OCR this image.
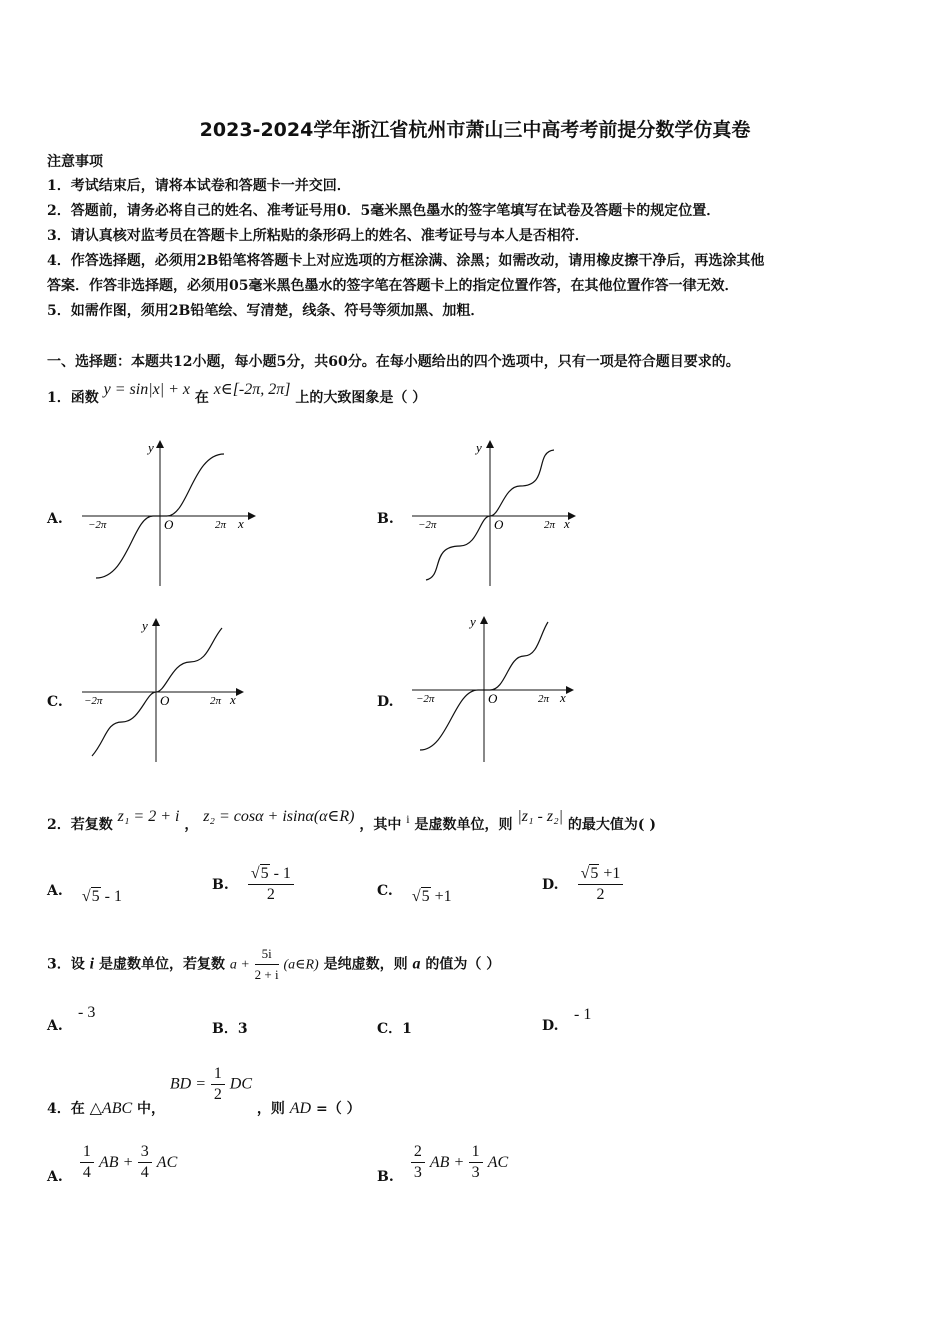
2023-2024学年浙江省杭州市萧山三中高考考前提分数学仿真卷
注意事项
1．考试结束后，请将本试卷和答题卡一并交回．
2．答题前，请务必将自己的姓名、准考证号用0．5毫米黑色墨水的签字笔填写在试卷及答题卡的规定位置．
3．请认真核对监考员在答题卡上所粘贴的条形码上的姓名、准考证号与本人是否相符．
4．作答选择题，必须用2B铅笔将答题卡上对应选项的方框涂满、涂黑；如需改动，请用橡皮擦干净后，再选涂其他
答案．作答非选择题，必须用05毫米黑色墨水的签字笔在答题卡上的指定位置作答，在其他位置作答一律无效．
5．如需作图，须用2B铅笔绘、写清楚，线条、符号等须加黑、加粗．
一、选择题：本题共12小题，每小题5分，共60分。在每小题给出的四个选项中，只有一项是符合题目要求的。
1．函数 y = sin|x| + x 在 x∈[-2π, 2π] 上的大致图象是（ ）
A.	B.
C.	D.
y
x
O
−2π	2π
y
x
O
−2π	2π
y
x
O
−2π	2π
y
x
O
−2π	2π
2．若复数 z₁ = 2 + i ， z₂ = cosα + isinα(α∈R) ，其中 i 是虚数单位，则 |z₁ - z₂| 的最大值为( )
A. √5 - 1
B. $\frac{√5 - 1}{2}$	C. √5 +1
D. $\frac{√5 +1}{2}$
3．设 i 是虚数单位，若复数 $a + \frac{5i}{2 + i}$ (a∈R) 是纯虚数，则 a 的值为（ ）
A.
- 3
B．3	C．1	D.
- 1
4．在 △ABC 中， BD = $\frac{1}{2}$ DC ，则 AD =（ ）
A. $\frac{1}{4}$ AB + $\frac{3}{4}$ AC
B. $\frac{2}{3}$ AB + $\frac{1}{3}$ AC
